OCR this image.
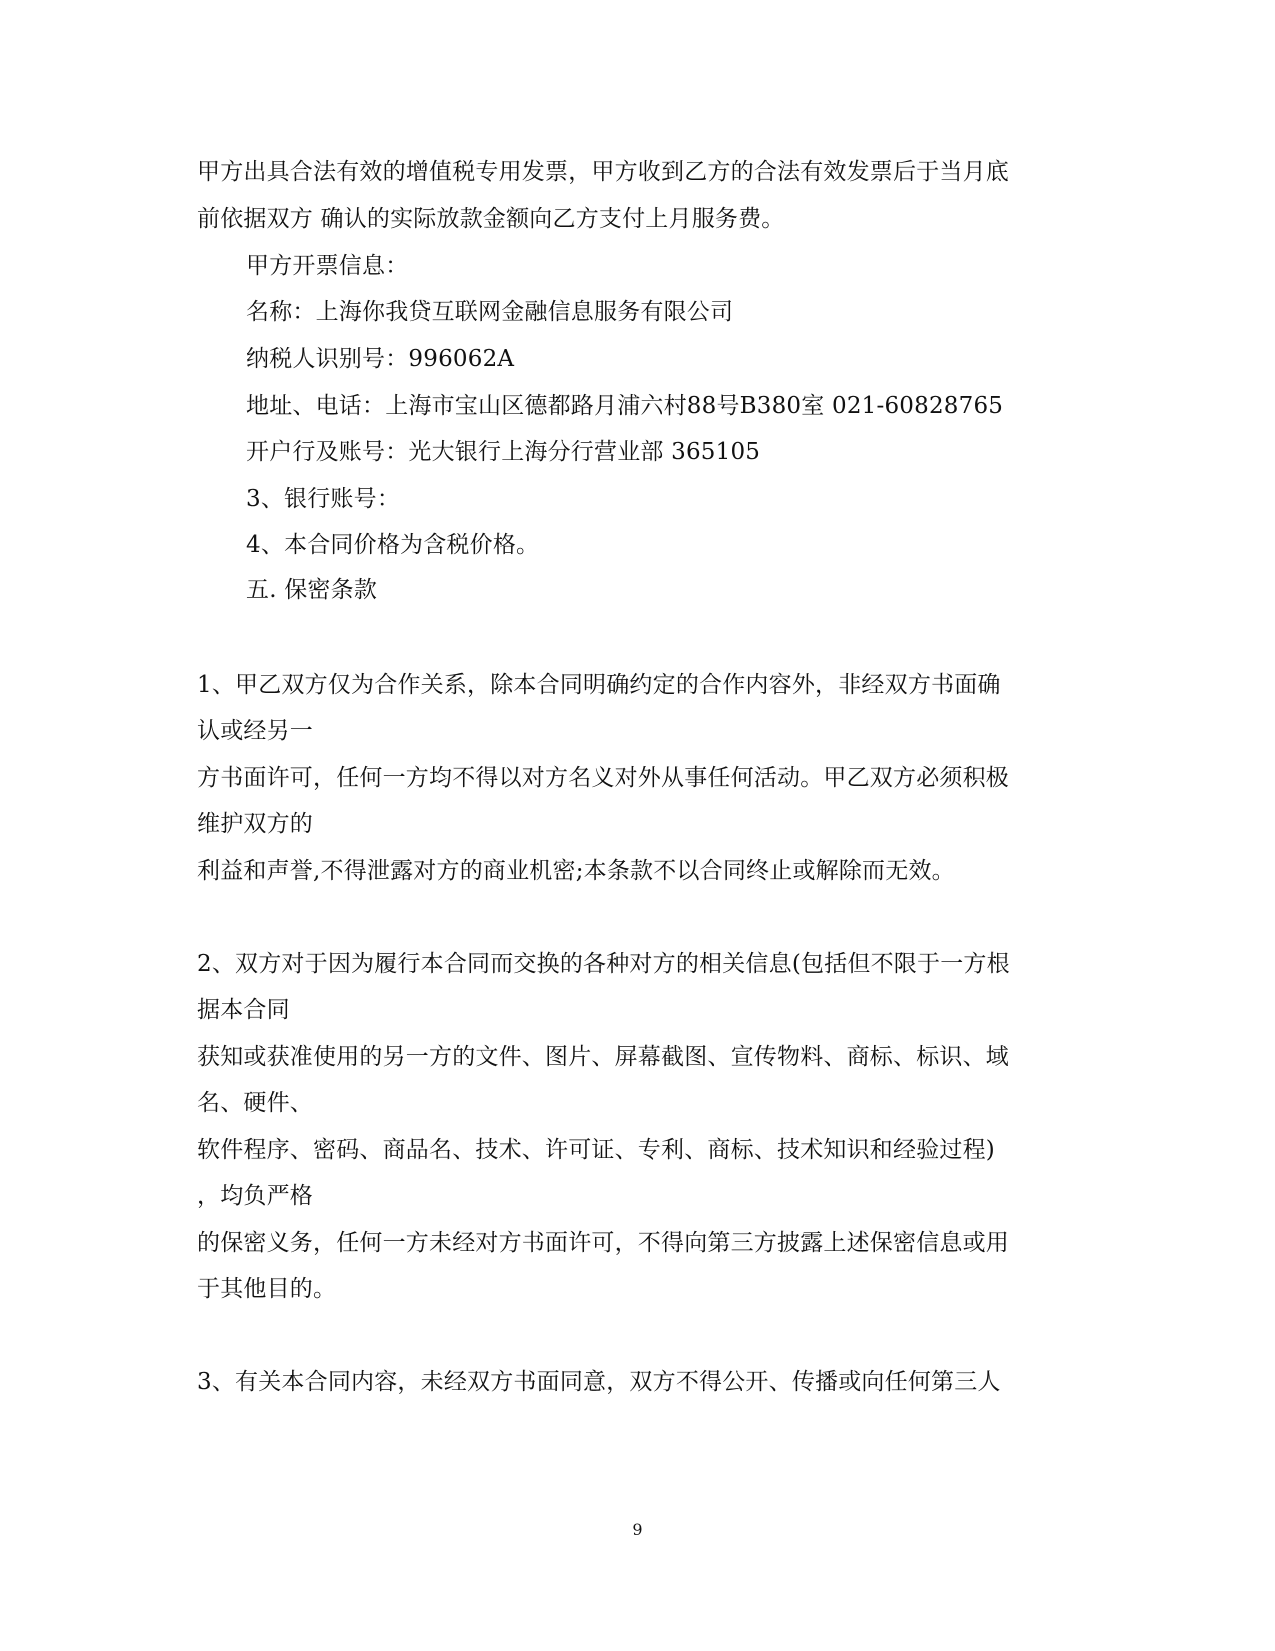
甲方出具合法有效的增值税专用发票，甲方收到乙方的合法有效发票后于当月底
前依据双方 确认的实际放款金额向乙方支付上月服务费。
甲方开票信息：
名称：上海你我贷互联网金融信息服务有限公司
纳税人识别号：996062A
地址、电话：上海市宝山区德都路月浦六村88号B380室 021-60828765
开户行及账号：光大银行上海分行营业部 365105
3、银行账号：
4、本合同价格为含税价格。
五. 保密条款
1、甲乙双方仅为合作关系，除本合同明确约定的合作内容外，非经双方书面确
认或经另一
方书面许可，任何一方均不得以对方名义对外从事任何活动。甲乙双方必须积极
维护双方的
利益和声誉,不得泄露对方的商业机密;本条款不以合同终止或解除而无效。
2、双方对于因为履行本合同而交换的各种对方的相关信息(包括但不限于一方根
据本合同
获知或获准使用的另一方的文件、图片、屏幕截图、宣传物料、商标、标识、域
名、硬件、
软件程序、密码、商品名、技术、许可证、专利、商标、技术知识和经验过程)
，均负严格
的保密义务，任何一方未经对方书面许可，不得向第三方披露上述保密信息或用
于其他目的。
3、有关本合同内容，未经双方书面同意，双方不得公开、传播或向任何第三人
9
